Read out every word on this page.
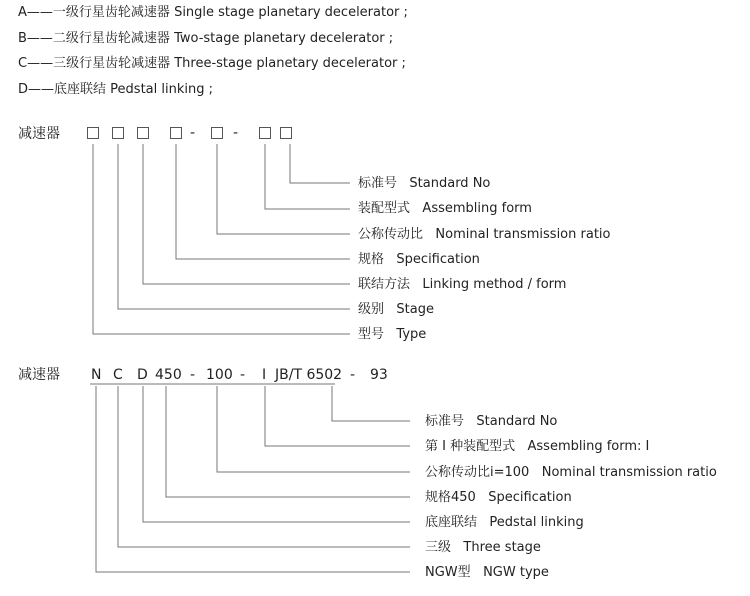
A——一级行星齿轮减速器 Single stage planetary decelerator ;
B——二级行星齿轮减速器 Two-stage planetary decelerator ;
C——三级行星齿轮减速器 Three-stage planetary decelerator ;
D——底座联结 Pedstal linking ;
减速器	-	-
标准号 Standard No
装配型式 Assembling form
公称传动比 Nominal transmission ratio
规格 Specification
联结方法 Linking method / form
级别 Stage
型号 Type
减速器 N C D 450 - 100 - I JB/T 6502 - 93
标准号 Standard No
第 I 种装配型式 Assembling form: I
公称传动比i=100 Nominal transmission ratio
规格450 Specification
底座联结 Pedstal linking
三级 Three stage
NGW型 NGW type
